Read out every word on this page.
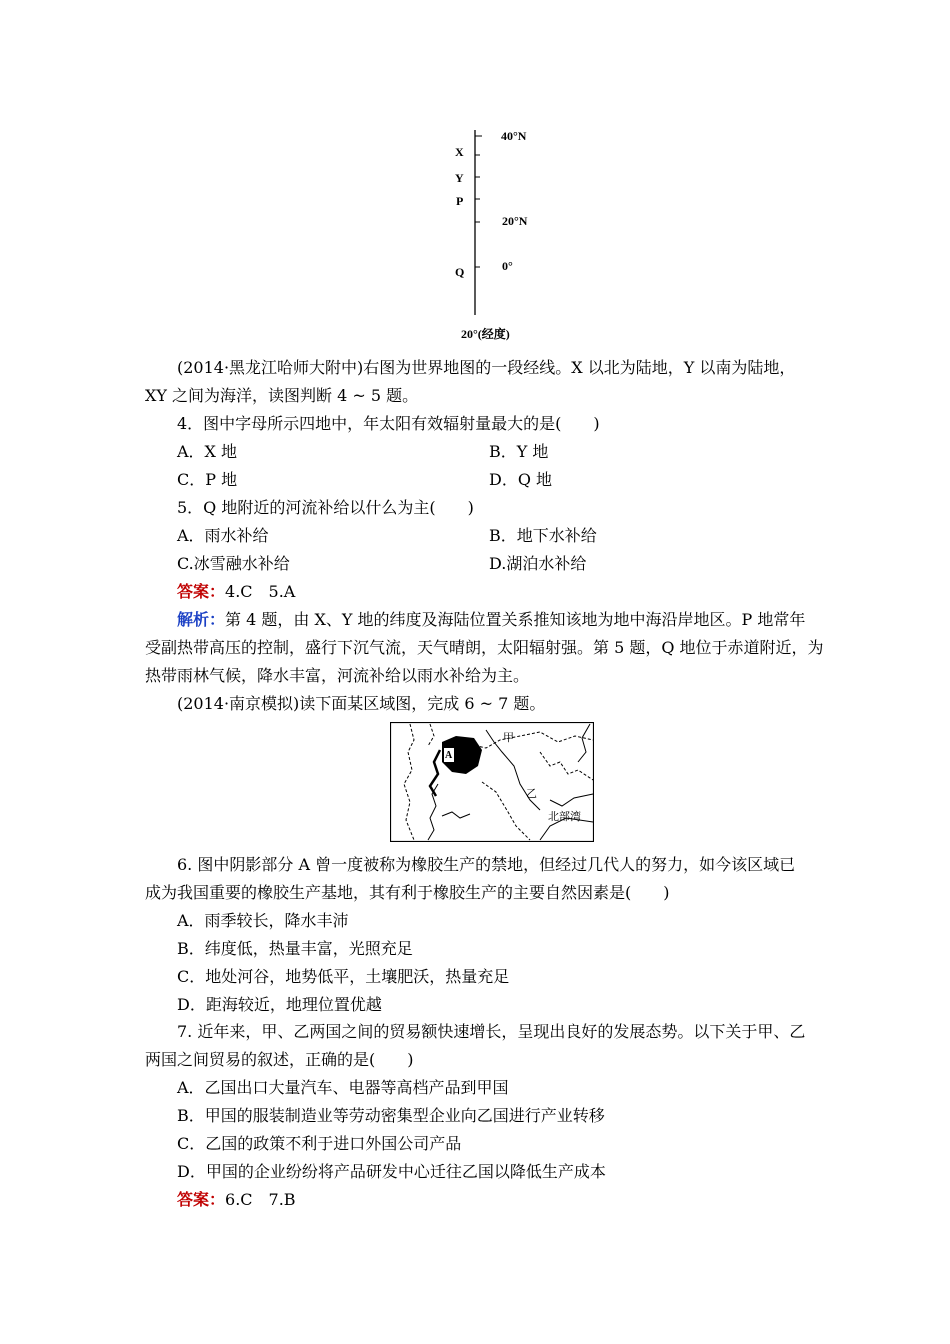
X
Y
P
Q
40°N
20°N
0°
20°(经度)
(2014·黑龙江哈师大附中)右图为世界地图的一段经线。X 以北为陆地，Y 以南为陆地，
XY 之间为海洋，读图判断 4 ~ 5 题。
4．图中字母所示四地中，年太阳有效辐射量最大的是(　　)
A．X 地	B．Y 地
C．P 地	D．Q 地
5．Q 地附近的河流补给以什么为主(　　)
A．雨水补给	B．地下水补给
C.冰雪融水补给	D.湖泊水补给
答案：4.C　5.A
解析：第 4 题，由 X、Y 地的纬度及海陆位置关系推知该地为地中海沿岸地区。P 地常年
受副热带高压的控制，盛行下沉气流，天气晴朗，太阳辐射强。第 5 题，Q 地位于赤道附近，为
热带雨林气候，降水丰富，河流补给以雨水补给为主。
(2014·南京模拟)读下面某区域图，完成 6 ~ 7 题。
A
甲
乙
北部湾
6. 图中阴影部分 A 曾一度被称为橡胶生产的禁地，但经过几代人的努力，如今该区域已
成为我国重要的橡胶生产基地，其有利于橡胶生产的主要自然因素是(　　)
A．雨季较长，降水丰沛
B．纬度低，热量丰富，光照充足
C．地处河谷，地势低平，土壤肥沃，热量充足
D．距海较近，地理位置优越
7. 近年来，甲、乙两国之间的贸易额快速增长，呈现出良好的发展态势。以下关于甲、乙
两国之间贸易的叙述，正确的是(　　)
A．乙国出口大量汽车、电器等高档产品到甲国
B．甲国的服装制造业等劳动密集型企业向乙国进行产业转移
C．乙国的政策不利于进口外国公司产品
D．甲国的企业纷纷将产品研发中心迁往乙国以降低生产成本
答案：6.C　7.B
